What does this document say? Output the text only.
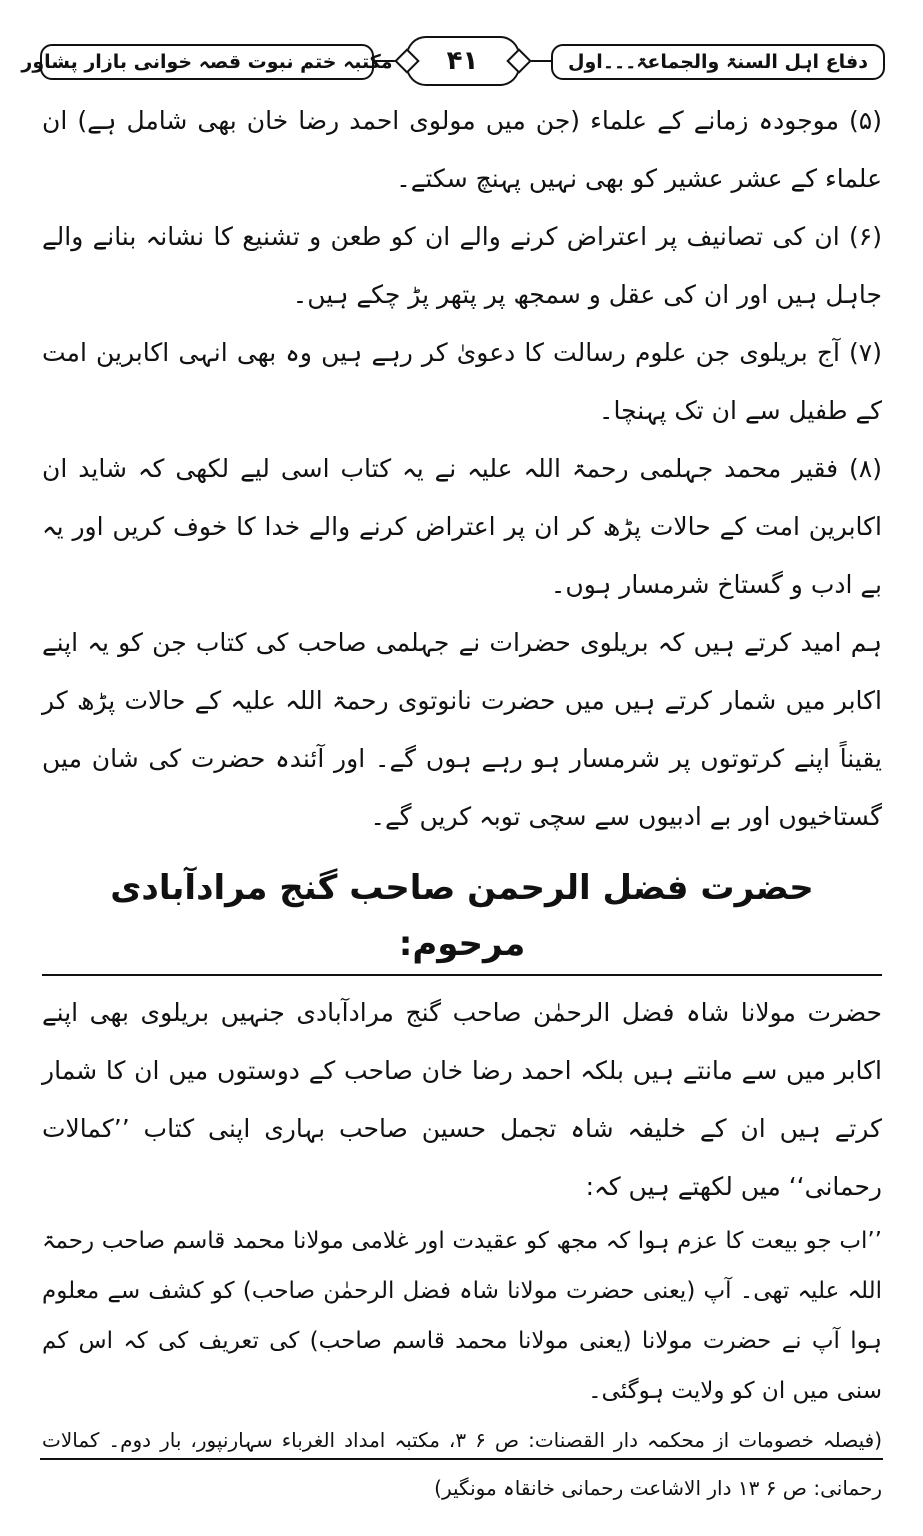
دفاع اہل السنۃ والجماعۃ۔۔۔اول
۴۱
مکتبہ ختم نبوت قصہ خوانی بازار پشاور

(۵) موجودہ زمانے کے علماء (جن میں مولوی احمد رضا خان بھی شامل ہے) ان علماء کے عشر عشیر کو بھی نہیں پہنچ سکتے۔

(۶) ان کی تصانیف پر اعتراض کرنے والے ان کو طعن و تشنیع کا نشانہ بنانے والے جاہل ہیں اور ان کی عقل و سمجھ پر پتھر پڑ چکے ہیں۔

(۷) آج بریلوی جن علوم رسالت کا دعویٰ کر رہے ہیں وہ بھی انہی اکابرین امت کے طفیل سے ان تک پہنچا۔

(۸) فقیر محمد جہلمی رحمۃ اللہ علیہ نے یہ کتاب اسی لیے لکھی کہ شاید ان اکابرین امت کے حالات پڑھ کر ان پر اعتراض کرنے والے خدا کا خوف کریں اور یہ بے ادب و گستاخ شرمسار ہوں۔

ہم امید کرتے ہیں کہ بریلوی حضرات نے جہلمی صاحب کی کتاب جن کو یہ اپنے اکابر میں شمار کرتے ہیں میں حضرت نانوتوی رحمۃ اللہ علیہ کے حالات پڑھ کر یقیناً اپنے کرتوتوں پر شرمسار ہو رہے ہوں گے۔ اور آئندہ حضرت کی شان میں گستاخیوں اور بے ادبیوں سے سچی توبہ کریں گے۔

حضرت فضل الرحمن صاحب گنج مرادآبادی مرحوم:

حضرت مولانا شاہ فضل الرحمٰن صاحب گنج مرادآبادی جنہیں بریلوی بھی اپنے اکابر میں سے مانتے ہیں بلکہ احمد رضا خان صاحب کے دوستوں میں ان کا شمار کرتے ہیں ان کے خلیفہ شاہ تجمل حسین صاحب بہاری اپنی کتاب ’’کمالات رحمانی‘‘ میں لکھتے ہیں کہ:

’’اب جو بیعت کا عزم ہوا کہ مجھ کو عقیدت اور غلامی مولانا محمد قاسم صاحب رحمۃ اللہ علیہ تھی۔ آپ (یعنی حضرت مولانا شاہ فضل الرحمٰن صاحب) کو کشف سے معلوم ہوا آپ نے حضرت مولانا (یعنی مولانا محمد قاسم صاحب) کی تعریف کی کہ اس کم سنی میں ان کو ولایت ہوگئی۔

(فیصلہ خصومات از محکمہ دار القصنات: ص ۶ ۳، مکتبہ امداد الغرباء سہارنپور، بار دوم۔ کمالات رحمانی: ص ۶ ۱۳ دار الاشاعت رحمانی خانقاہ مونگیر)
